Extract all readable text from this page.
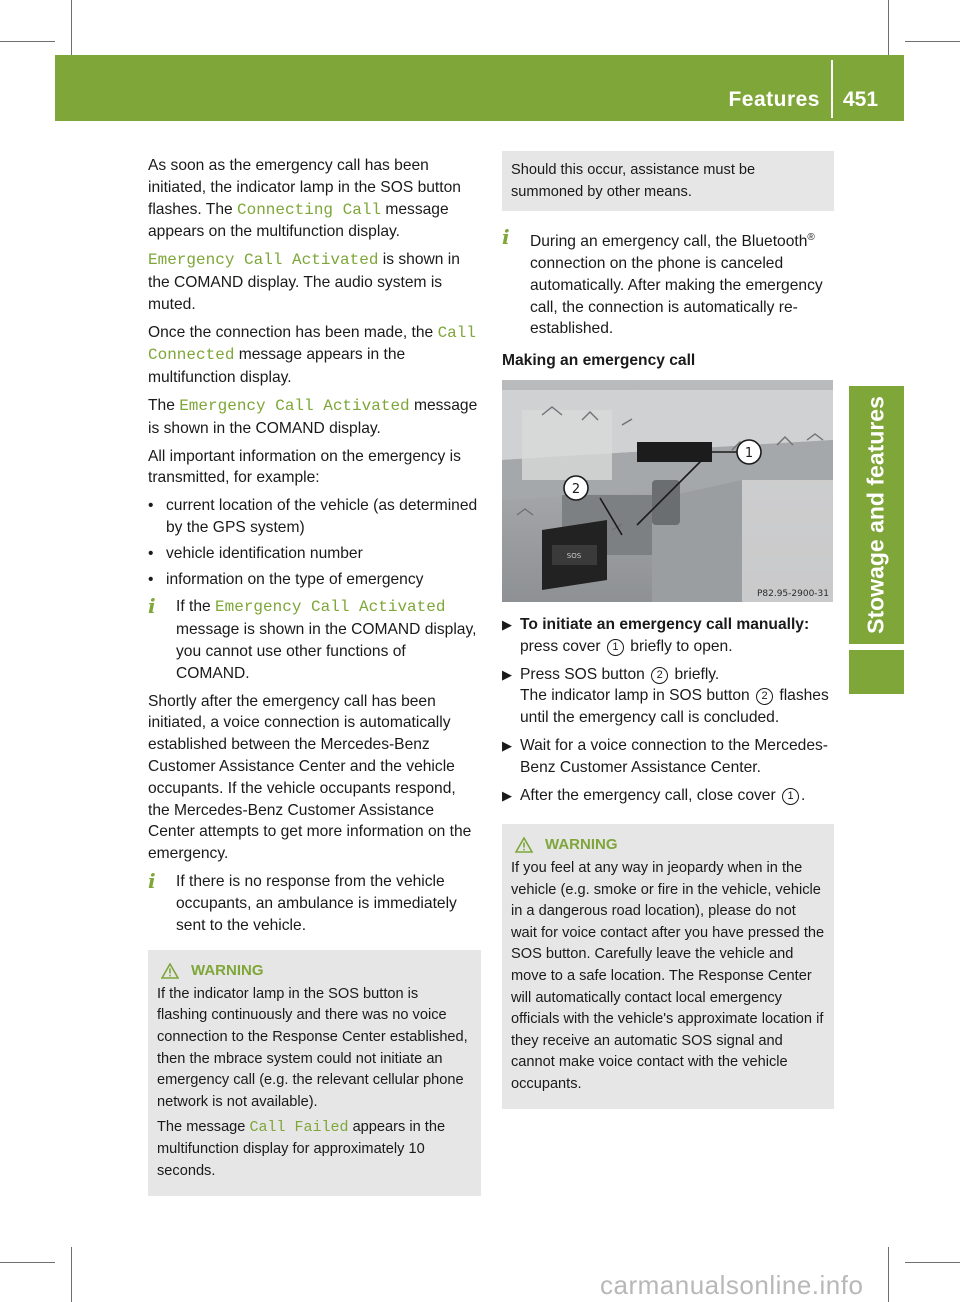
Features 451
Stowage and features

As soon as the emergency call has been initiated, the indicator lamp in the SOS button flashes. The Connecting Call message appears on the multifunction display.

Emergency Call Activated is shown in the COMAND display. The audio system is muted.

Once the connection has been made, the Call Connected message appears in the multifunction display.

The Emergency Call Activated message is shown in the COMAND display.

All important information on the emergency is transmitted, for example:

• current location of the vehicle (as determined by the GPS system)
• vehicle identification number
• information on the type of emergency
i	If the Emergency Call Activated message is shown in the COMAND display, you cannot use other functions of COMAND.

Shortly after the emergency call has been initiated, a voice connection is automatically established between the Mercedes-Benz Customer Assistance Center and the vehicle occupants. If the vehicle occupants respond, the Mercedes-Benz Customer Assistance Center attempts to get more information on the emergency.

i	If there is no response from the vehicle occupants, an ambulance is immediately sent to the vehicle.
WARNING

If the indicator lamp in the SOS button is flashing continuously and there was no voice connection to the Response Center established, then the mbrace system could not initiate an emergency call (e.g. the relevant cellular phone network is not available).

The message Call Failed appears in the multifunction display for approximately 10 seconds.

Should this occur, assistance must be summoned by other means.
i	During an emergency call, the Bluetooth® connection on the phone is canceled automatically. After making the emergency call, the connection is automatically re-established.
Making an emergency call
SOS
1
2
P82.95-2900-31
▶ To initiate an emergency call manually: press cover 1 briefly to open.
▶ Press SOS button 2 briefly.
The indicator lamp in SOS button 2 flashes until the emergency call is concluded.
▶ Wait for a voice connection to the Mercedes-Benz Customer Assistance Center.
▶ After the emergency call, close cover 1 .
WARNING

If you feel at any way in jeopardy when in the vehicle (e.g. smoke or fire in the vehicle, vehicle in a dangerous road location), please do not wait for voice contact after you have pressed the SOS button. Carefully leave the vehicle and move to a safe location. The Response Center will automatically contact local emergency officials with the vehicle's approximate location if they receive an automatic SOS signal and cannot make voice contact with the vehicle occupants.

carmanualsonline.info
